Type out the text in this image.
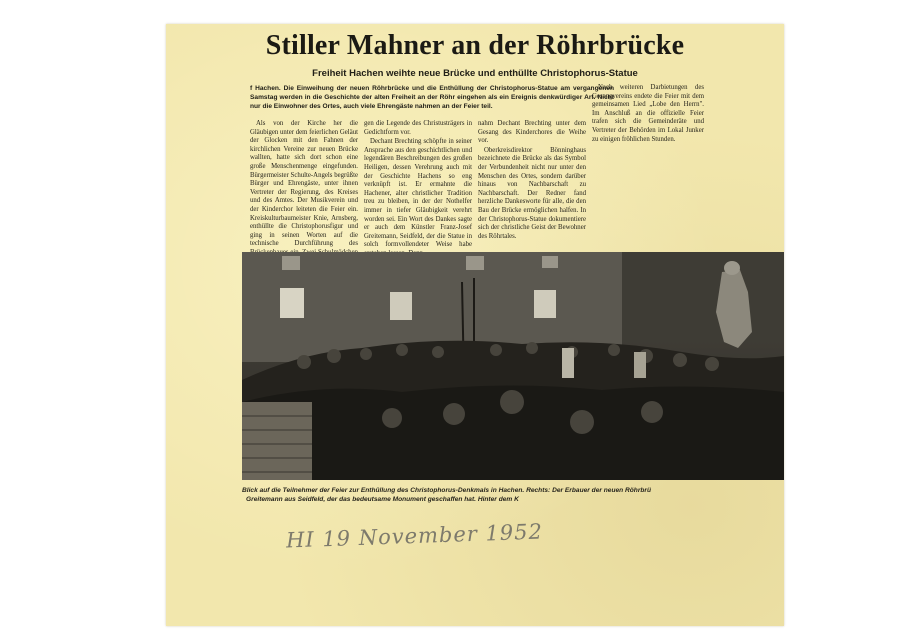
Stiller Mahner an der Röhrbrücke
Freiheit Hachen weihte neue Brücke und enthüllte Christophorus-Statue
f Hachen. Die Einweihung der neuen Röhrbrücke und die Enthüllung der Christophorus-Statue am vergangenen Samstag werden in die Geschichte der alten Freiheit an der Röhr eingehen als ein Ereignis denkwürdiger Art. Nicht nur die Einwohner des Ortes, auch viele Ehrengäste nahmen an der Feier teil.

Als von der Kirche her die Gläubigen unter dem feierlichen Geläut der Glocken mit den Fahnen der kirchlichen Vereine zur neuen Brücke wallten, hatte sich dort schon eine große Menschenmenge eingefunden. Bürgermeister Schulte-Angels begrüßte Bürger und Ehrengäste, unter ihnen Vertreter der Regierung, des Kreises und des Amtes. Der Musikverein und der Kinderchor leiteten die Feier ein. Kreiskulturbaumeister Knie, Arnsberg, enthüllte die Christophorusfigur und ging in seinen Worten auf die technische Durchführung des

gen die Legende des Christusträgers in Gedichtform vor.

Dechant Brechting schöpfte in seiner Ansprache aus den geschichtlichen und legendären Beschreibungen des großen Heiligen, dessen Verehrung auch mit der Geschichte Hachens so eng verknüpft ist. Er ermahnte die Hachener, alter christlicher Tradition treu zu bleiben, in der der Nothelfer immer in tiefer Gläubigkeit verehrt worden sei. Ein Wort des Dankes sagte er auch dem Künstler Franz-Josef Greitemann, Seidfeld, der die Statue in solch formvollendeter Weise habe

nahm Dechant Brechting unter dem Gesang des Kinderchores die Weihe vor.

Oberkreisdirektor Bönninghaus bezeichnete die Brücke als das Symbol der Verbundenheit nicht nur unter den Menschen des Ortes, sondern darüber hinaus von Nachbarschaft zu Nachbarschaft. Der Redner fand herzliche Dankesworte für alle, die den Bau der Brücke ermöglichen halfen. In der Christophorus-Statue dokumentiere sich der christliche Geist der Bewohner des Röhrtales.

Nach weiteren Darbietungen des Gesangvereins endete die Feier mit dem gemeinsamen Lied „Lobe den Herrn". Im Anschluß an die offizielle Feier trafen sich die Gemeinderäte und Vertreter der Behörden im Lokal Junker zu einigen fröhlichen Stunden.

Blick auf die Teilnehmer der Feier zur Enthüllung des Christophorus-Denkmals in Hachen. Rechts: Der Erbauer der neuen Röhrbrü
Greitemann aus Seidfeld, der das bedeutsame Monument geschaffen hat. Hinter dem K
HI 19 November 1952
